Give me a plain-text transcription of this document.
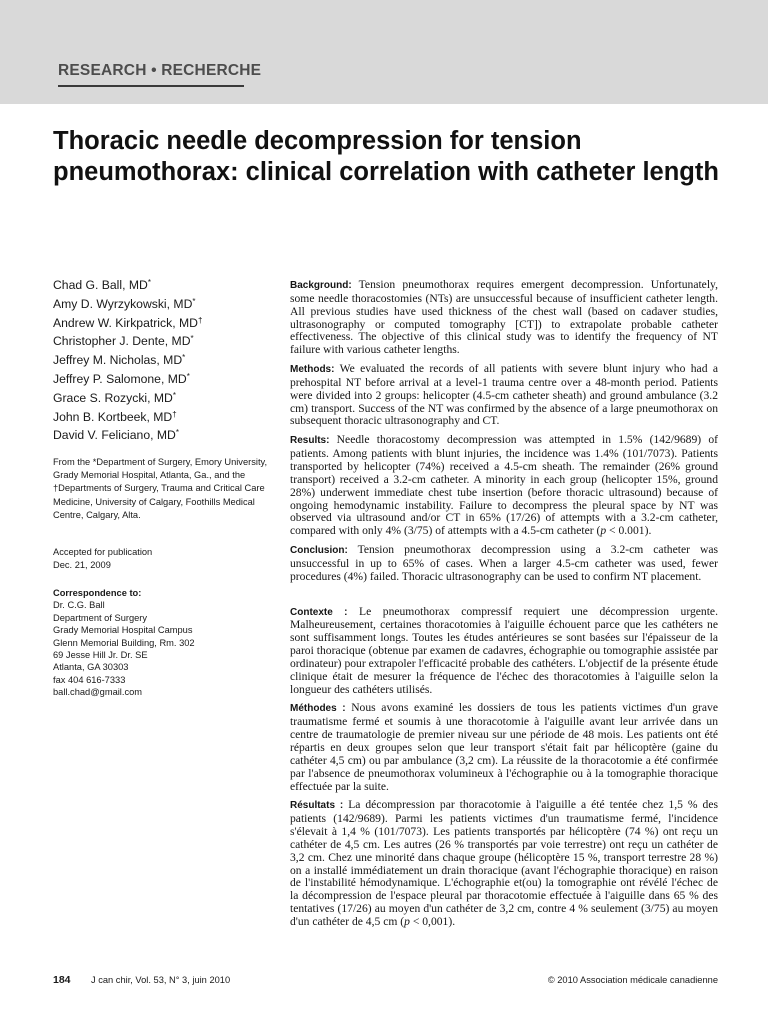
RESEARCH • RECHERCHE
Thoracic needle decompression for tension pneumothorax: clinical correlation with catheter length
Chad G. Ball, MD*
Amy D. Wyrzykowski, MD*
Andrew W. Kirkpatrick, MD†
Christopher J. Dente, MD*
Jeffrey M. Nicholas, MD*
Jeffrey P. Salomone, MD*
Grace S. Rozycki, MD*
John B. Kortbeek, MD†
David V. Feliciano, MD*
From the *Department of Surgery, Emory University, Grady Memorial Hospital, Atlanta, Ga., and the †Departments of Surgery, Trauma and Critical Care Medicine, University of Calgary, Foothills Medical Centre, Calgary, Alta.
Accepted for publication
Dec. 21, 2009
Correspondence to:
Dr. C.G. Ball
Department of Surgery
Grady Memorial Hospital Campus
Glenn Memorial Building, Rm. 302
69 Jesse Hill Jr. Dr. SE
Atlanta, GA 30303
fax 404 616-7333
ball.chad@gmail.com

Background: Tension pneumothorax requires emergent decompression. Unfortunately, some needle thoracostomies (NTs) are unsuccessful because of insufficient catheter length. All previous studies have used thickness of the chest wall (based on cadaver studies, ultrasonography or computed tomography [CT]) to extrapolate probable catheter effectiveness. The objective of this clinical study was to identify the frequency of NT failure with various catheter lengths.

Methods: We evaluated the records of all patients with severe blunt injury who had a prehospital NT before arrival at a level-1 trauma centre over a 48-month period. Patients were divided into 2 groups: helicopter (4.5-cm catheter sheath) and ground ambulance (3.2 cm) transport. Success of the NT was confirmed by the absence of a large pneumothorax on subsequent thoracic ultrasonography and CT.

Results: Needle thoracostomy decompression was attempted in 1.5% (142/9689) of patients. Among patients with blunt injuries, the incidence was 1.4% (101/7073). Patients transported by helicopter (74%) received a 4.5-cm sheath. The remainder (26% ground transport) received a 3.2-cm catheter. A minority in each group (helicopter 15%, ground 28%) underwent immediate chest tube insertion (before thoracic ultrasound) because of ongoing hemodynamic instability. Failure to decompress the pleural space by NT was observed via ultrasound and/or CT in 65% (17/26) of attempts with a 3.2-cm catheter, compared with only 4% (3/75) of attempts with a 4.5-cm catheter (p < 0.001).

Conclusion: Tension pneumothorax decompression using a 3.2-cm catheter was unsuccessful in up to 65% of cases. When a larger 4.5-cm catheter was used, fewer procedures (4%) failed. Thoracic ultrasonography can be used to confirm NT placement.

Contexte : Le pneumothorax compressif requiert une décompression urgente. Malheureusement, certaines thoracotomies à l'aiguille échouent parce que les cathéters ne sont suffisamment longs. Toutes les études antérieures se sont basées sur l'épaisseur de la paroi thoracique (obtenue par examen de cadavres, échographie ou tomographie assistée par ordinateur) pour extrapoler l'efficacité probable des cathéters. L'objectif de la présente étude clinique était de mesurer la fréquence de l'échec des thoracotomies à l'aiguille selon la longueur des cathéters utilisés.

Méthodes : Nous avons examiné les dossiers de tous les patients victimes d'un grave traumatisme fermé et soumis à une thoracotomie à l'aiguille avant leur arrivée dans un centre de traumatologie de premier niveau sur une période de 48 mois. Les patients ont été répartis en deux groupes selon que leur transport s'était fait par hélicoptère (gaine du cathéter 4,5 cm) ou par ambulance (3,2 cm). La réussite de la thoracotomie a été confirmée par l'absence de pneumothorax volumineux à l'échographie ou à la tomographie thoracique effectuée par la suite.

Résultats : La décompression par thoracotomie à l'aiguille a été tentée chez 1,5 % des patients (142/9689). Parmi les patients victimes d'un traumatisme fermé, l'incidence s'élevait à 1,4 % (101/7073). Les patients transportés par hélicoptère (74 %) ont reçu un cathéter de 4,5 cm. Les autres (26 % transportés par voie terrestre) ont reçu un cathéter de 3,2 cm. Chez une minorité dans chaque groupe (hélicoptère 15 %, transport terrestre 28 %) on a installé immédiatement un drain thoracique (avant l'échographie thoracique) en raison de l'instabilité hémodynamique. L'échographie et(ou) la tomographie ont révélé l'échec de la décompression de l'espace pleural par thoracotomie effectuée à l'aiguille dans 65 % des tentatives (17/26) au moyen d'un cathéter de 3,2 cm, contre 4 % seulement (3/75) au moyen d'un cathéter de 4,5 cm (p < 0,001).

184 J can chir, Vol. 53, N° 3, juin 2010	© 2010 Association médicale canadienne
